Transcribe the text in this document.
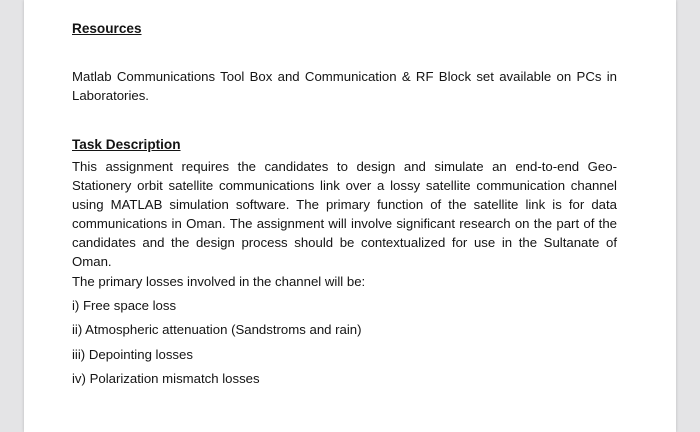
Resources
Matlab Communications Tool Box and Communication & RF Block set available on PCs in Laboratories.
Task Description
This assignment requires the candidates to design and simulate an end-to-end Geo-Stationery orbit satellite communications link over a lossy satellite communication channel using MATLAB simulation software. The primary function of the satellite link is for data communications in Oman. The assignment will involve significant research on the part of the candidates and the design process should be contextualized for use in the Sultanate of Oman.
The primary losses involved in the channel will be:
i) Free space loss
ii) Atmospheric attenuation (Sandstroms and rain)
iii) Depointing losses
iv) Polarization mismatch losses
